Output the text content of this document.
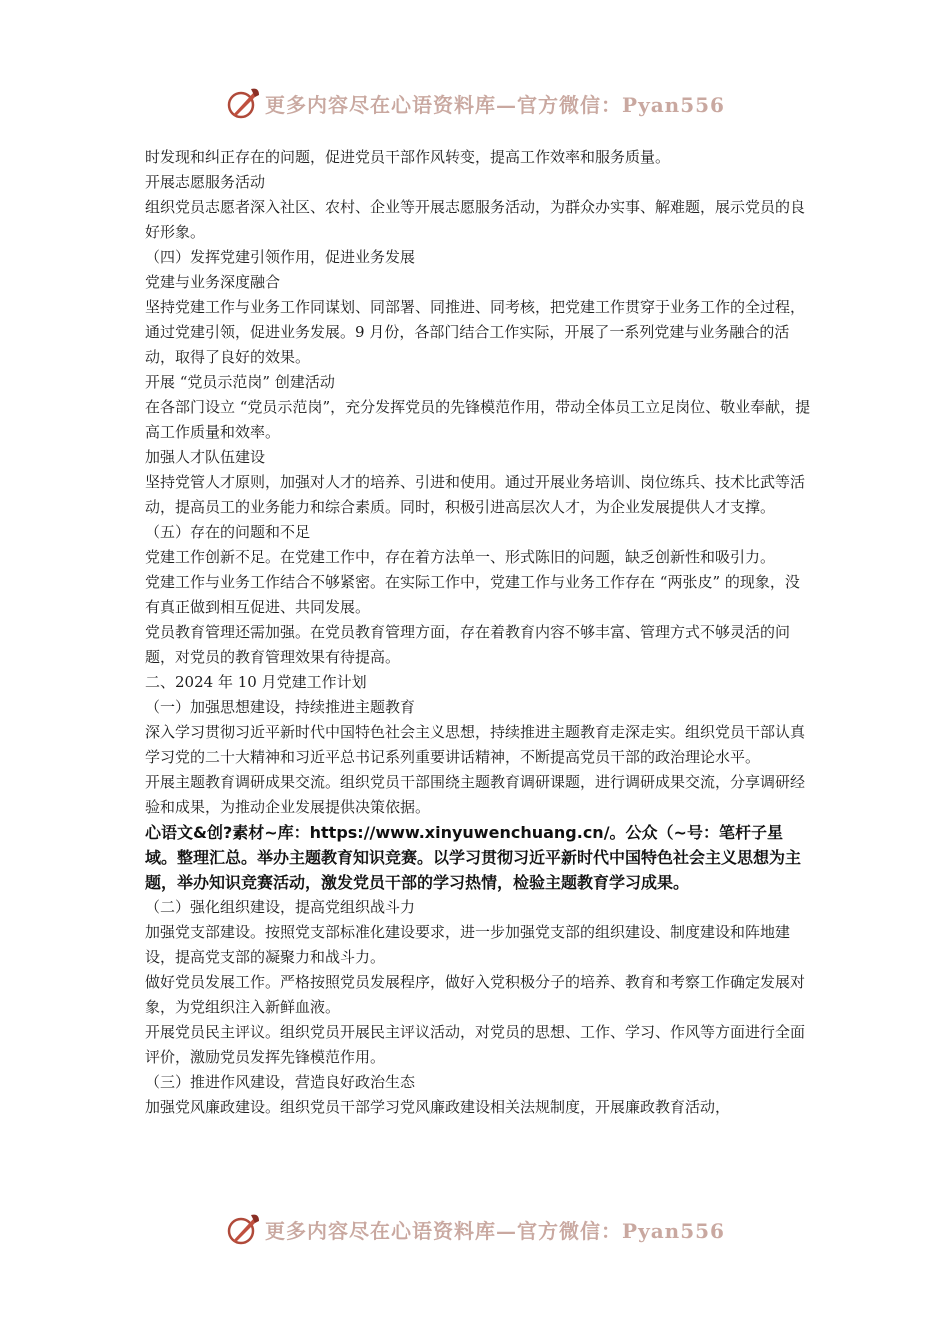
更多内容尽在心语资料库—官方微信：Pyan556

时发现和纠正存在的问题，促进党员干部作风转变，提高工作效率和服务质量。

开展志愿服务活动

组织党员志愿者深入社区、农村、企业等开展志愿服务活动，为群众办实事、解难题，展示党员的良好形象。

（四）发挥党建引领作用，促进业务发展

党建与业务深度融合

坚持党建工作与业务工作同谋划、同部署、同推进、同考核，把党建工作贯穿于业务工作的全过程，通过党建引领，促进业务发展。9 月份，各部门结合工作实际，开展了一系列党建与业务融合的活动，取得了良好的效果。

开展 “党员示范岗” 创建活动

在各部门设立 “党员示范岗”，充分发挥党员的先锋模范作用，带动全体员工立足岗位、敬业奉献，提高工作质量和效率。

加强人才队伍建设

坚持党管人才原则，加强对人才的培养、引进和使用。通过开展业务培训、岗位练兵、技术比武等活动，提高员工的业务能力和综合素质。同时，积极引进高层次人才，为企业发展提供人才支撑。

（五）存在的问题和不足

党建工作创新不足。在党建工作中，存在着方法单一、形式陈旧的问题，缺乏创新性和吸引力。

党建工作与业务工作结合不够紧密。在实际工作中，党建工作与业务工作存在 “两张皮” 的现象，没有真正做到相互促进、共同发展。

党员教育管理还需加强。在党员教育管理方面，存在着教育内容不够丰富、管理方式不够灵活的问题，对党员的教育管理效果有待提高。

二、2024 年 10 月党建工作计划

（一）加强思想建设，持续推进主题教育

深入学习贯彻习近平新时代中国特色社会主义思想，持续推进主题教育走深走实。组织党员干部认真学习党的二十大精神和习近平总书记系列重要讲话精神，不断提高党员干部的政治理论水平。

开展主题教育调研成果交流。组织党员干部围绕主题教育调研课题，进行调研成果交流，分享调研经验和成果，为推动企业发展提供决策依据。

心语文&创?素材~库：https://www.xinyuwenchuang.cn/。公众（~号：笔杆子星域。整理汇总。举办主题教育知识竞赛。以学习贯彻习近平新时代中国特色社会主义思想为主题，举办知识竞赛活动，激发党员干部的学习热情，检验主题教育学习成果。

（二）强化组织建设，提高党组织战斗力

加强党支部建设。按照党支部标准化建设要求，进一步加强党支部的组织建设、制度建设和阵地建设，提高党支部的凝聚力和战斗力。

做好党员发展工作。严格按照党员发展程序，做好入党积极分子的培养、教育和考察工作确定发展对象，为党组织注入新鲜血液。

开展党员民主评议。组织党员开展民主评议活动，对党员的思想、工作、学习、作风等方面进行全面评价，激励党员发挥先锋模范作用。

（三）推进作风建设，营造良好政治生态

加强党风廉政建设。组织党员干部学习党风廉政建设相关法规制度，开展廉政教育活动，

更多内容尽在心语资料库—官方微信：Pyan556
